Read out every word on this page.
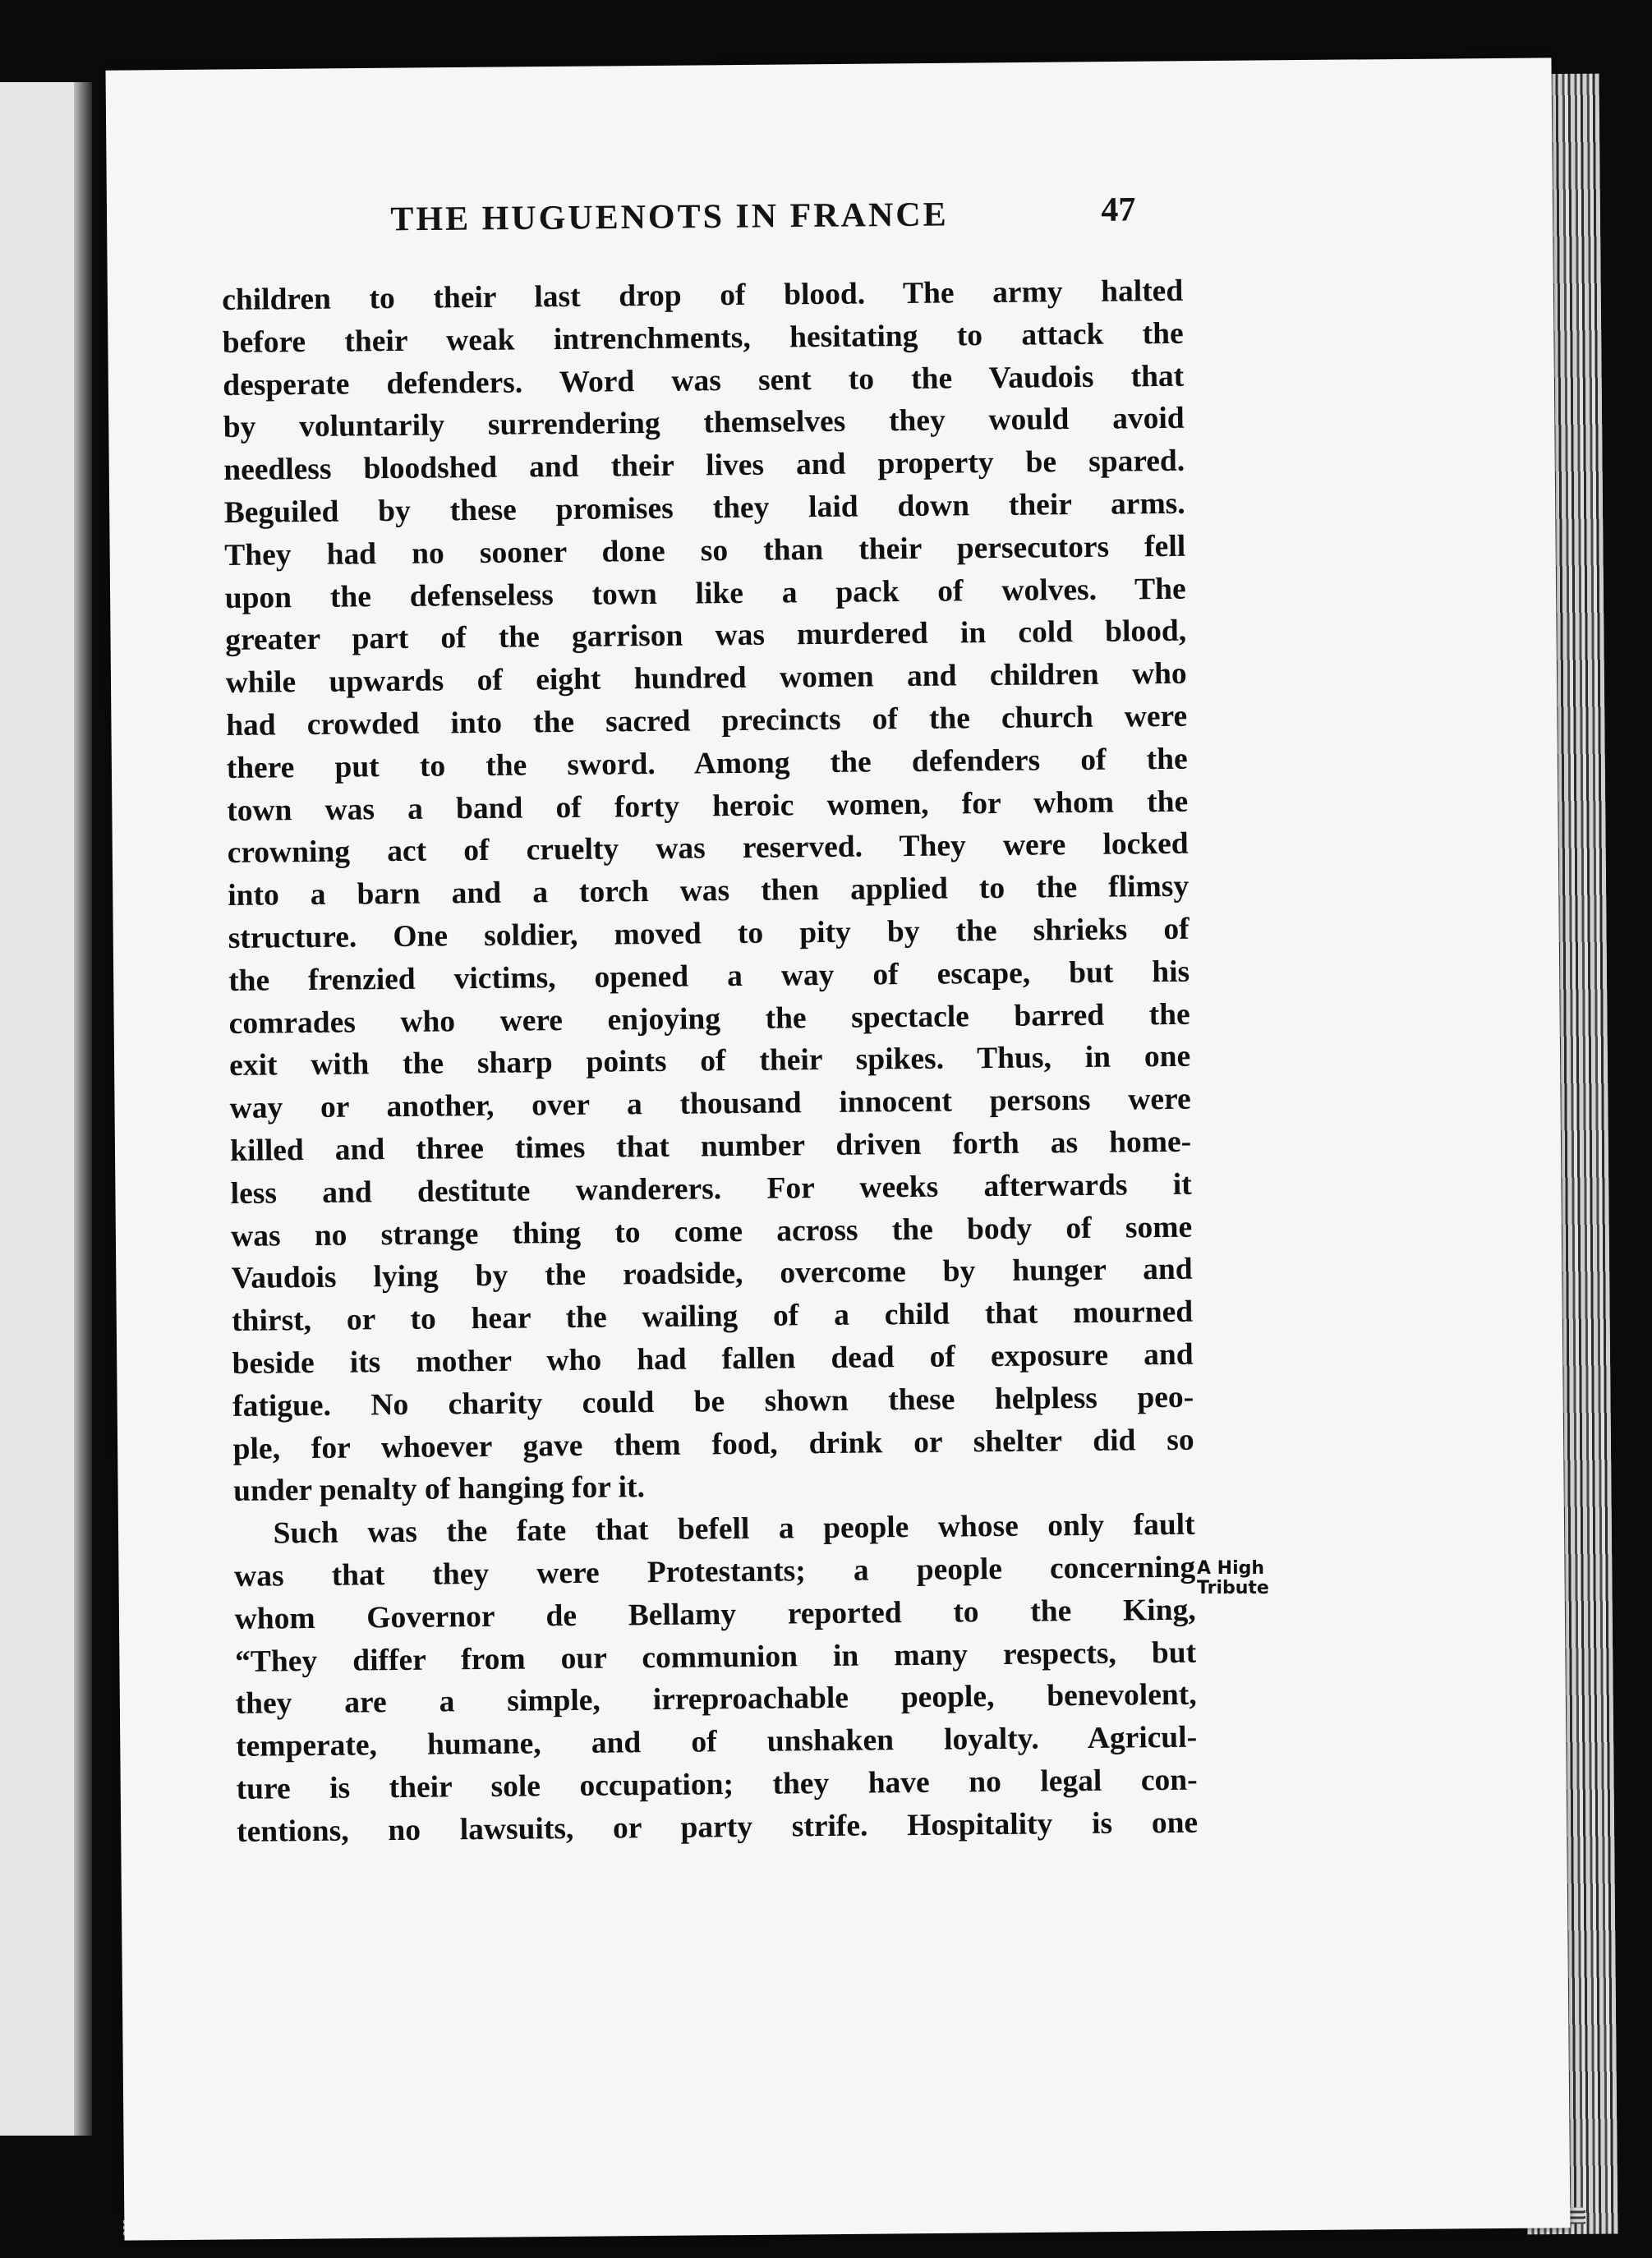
THE HUGUENOTS IN FRANCE	47
children to their last drop of blood. The army halted
before their weak intrenchments, hesitating to attack the
desperate defenders. Word was sent to the Vaudois that
by voluntarily surrendering themselves they would avoid
needless bloodshed and their lives and property be spared.
Beguiled by these promises they laid down their arms.
They had no sooner done so than their persecutors fell
upon the defenseless town like a pack of wolves. The
greater part of the garrison was murdered in cold blood,
while upwards of eight hundred women and children who
had crowded into the sacred precincts of the church were
there put to the sword. Among the defenders of the
town was a band of forty heroic women, for whom the
crowning act of cruelty was reserved. They were locked
into a barn and a torch was then applied to the flimsy
structure. One soldier, moved to pity by the shrieks of
the frenzied victims, opened a way of escape, but his
comrades who were enjoying the spectacle barred the
exit with the sharp points of their spikes. Thus, in one
way or another, over a thousand innocent persons were
killed and three times that number driven forth as home-
less and destitute wanderers. For weeks afterwards it
was no strange thing to come across the body of some
Vaudois lying by the roadside, overcome by hunger and
thirst, or to hear the wailing of a child that mourned
beside its mother who had fallen dead of exposure and
fatigue. No charity could be shown these helpless peo-
ple, for whoever gave them food, drink or shelter did so
under penalty of hanging for it.
Such was the fate that befell a people whose only fault
was that they were Protestants; a people concerning
whom Governor de Bellamy reported to the King,
“They differ from our communion in many respects, but
they are a simple, irreproachable people, benevolent,
temperate, humane, and of unshaken loyalty. Agricul-
ture is their sole occupation; they have no legal con-
tentions, no lawsuits, or party strife. Hospitality is one
A High
Tribute
